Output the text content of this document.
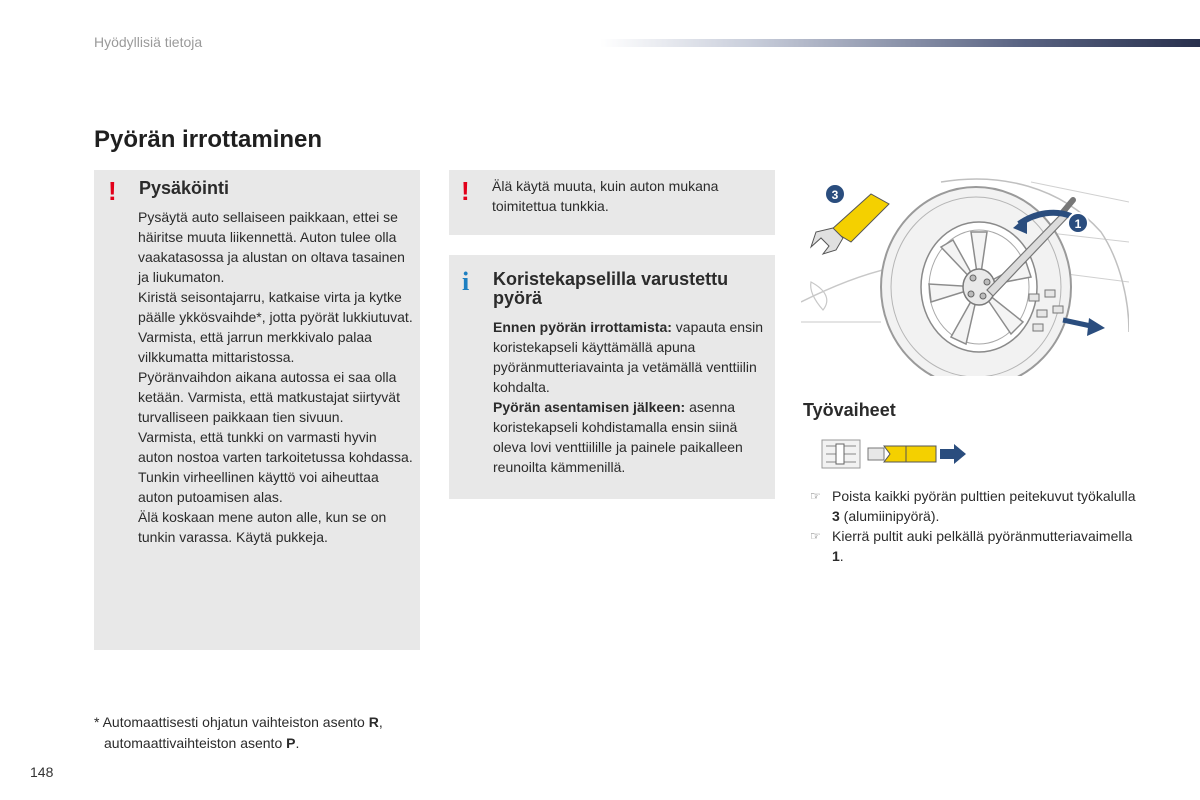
Hyödyllisiä tietoja
Pyörän irrottaminen
! Pysäköinti

Pysäytä auto sellaiseen paikkaan, ettei se häiritse muuta liikennettä. Auton tulee olla vaakatasossa ja alustan on oltava tasainen ja liukumaton.

Kiristä seisontajarru, katkaise virta ja kytke päälle ykkösvaihde*, jotta pyörät lukkiutuvat.

Varmista, että jarrun merkkivalo palaa vilkkumatta mittaristossa.

Pyöränvaihdon aikana autossa ei saa olla ketään. Varmista, että matkustajat siirtyvät turvalliseen paikkaan tien sivuun.

Varmista, että tunkki on varmasti hyvin auton nostoa varten tarkoitetussa kohdassa.

Tunkin virheellinen käyttö voi aiheuttaa auton putoamisen alas.

Älä koskaan mene auton alle, kun se on tunkin varassa. Käytä pukkeja.

! Älä käytä muuta, kuin auton mukana toimitettua tunkkia.
i Koristekapselilla varustettu pyörä

Ennen pyörän irrottamista: vapauta ensin koristekapseli käyttämällä apuna pyöränmutteriavainta ja vetämällä venttiilin kohdalta.

Pyörän asentamisen jälkeen: asenna koristekapseli kohdistamalla ensin siinä oleva lovi venttiilille ja painele paikalleen reunoilta kämmenillä.

1
3
Työvaiheet
☞ Poista kaikki pyörän pulttien peitekuvut työkalulla 3 (alumiinipyörä).
☞ Kierrä pultit auki pelkällä pyöränmutteriavaimella 1.
* Automaattisesti ohjatun vaihteiston asento R,
automaattivaihteiston asento P.
148
